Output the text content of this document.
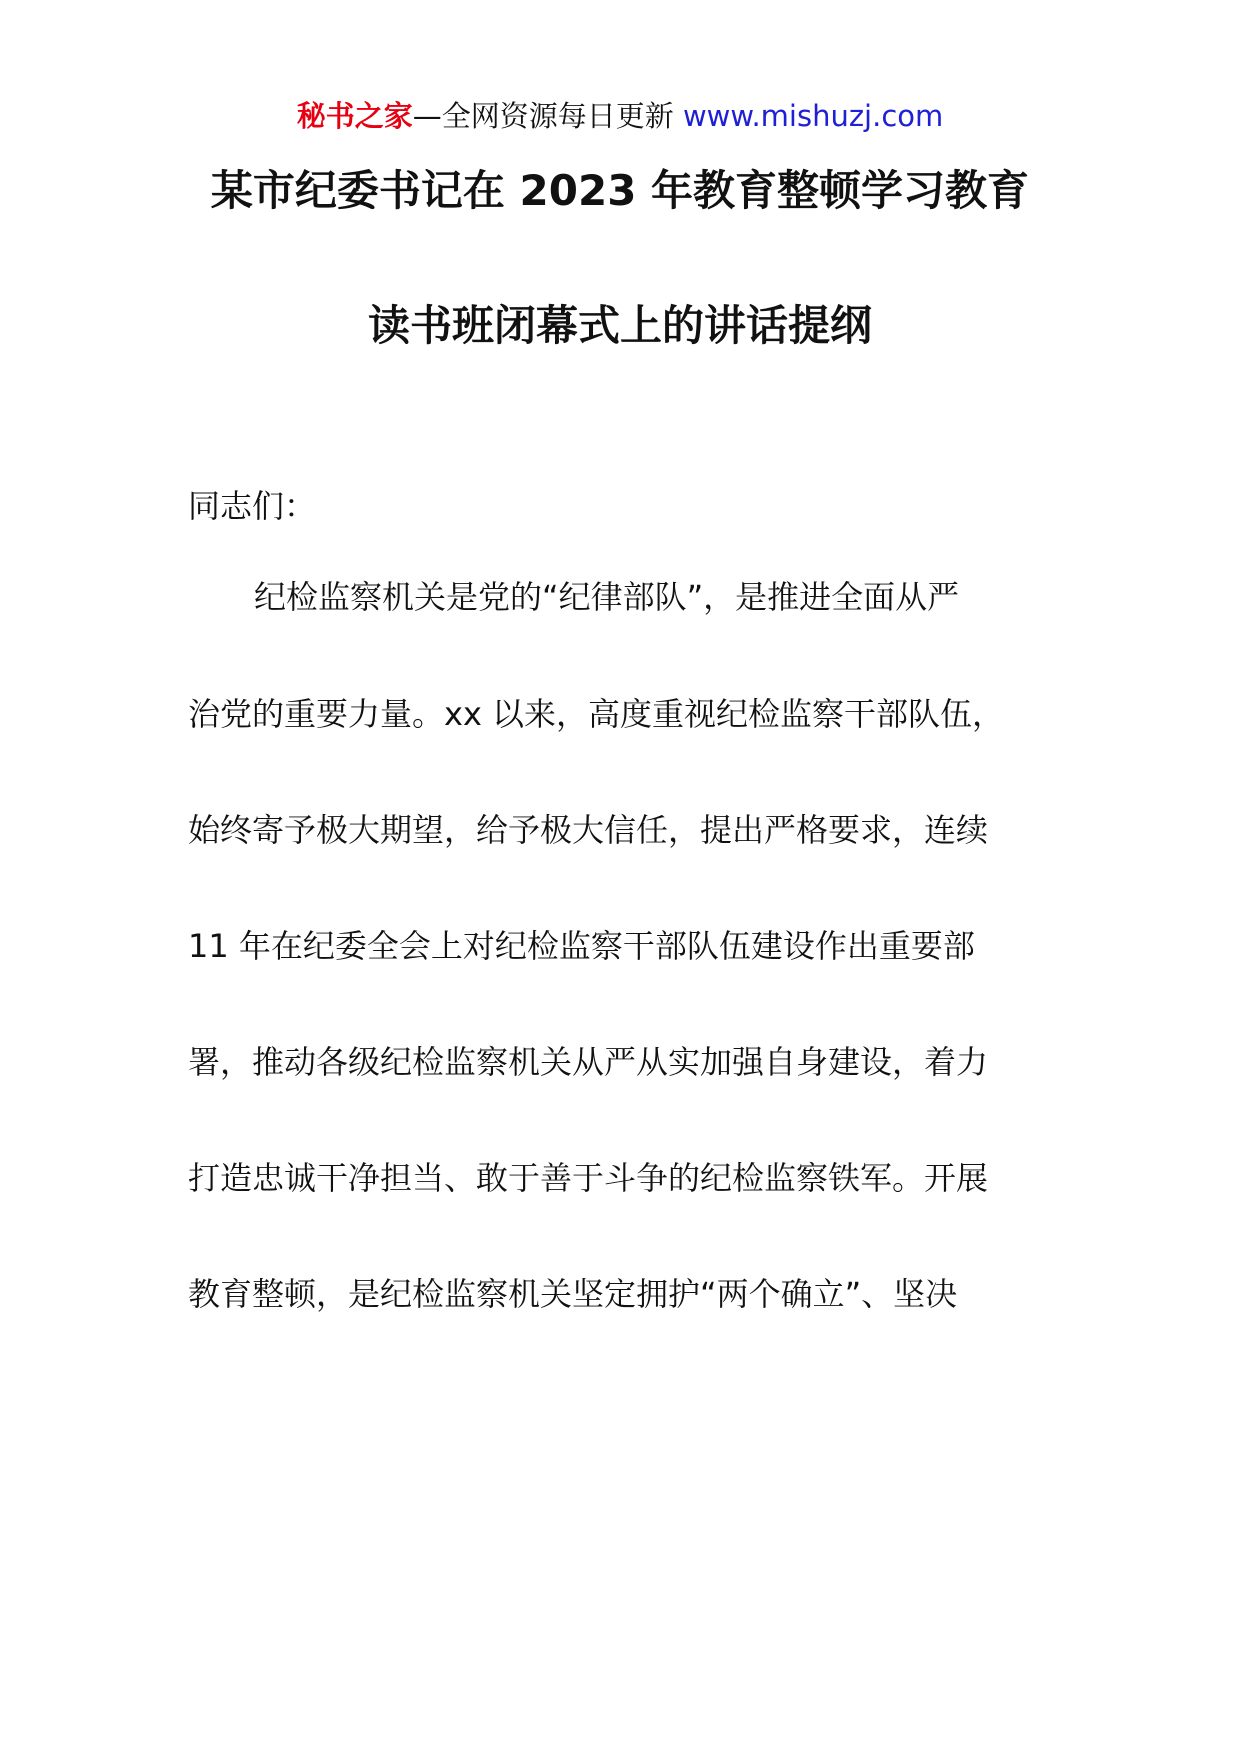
秘书之家—全网资源每日更新 www.mishuzj.com
某市纪委书记在 2023 年教育整顿学习教育
读书班闭幕式上的讲话提纲
同志们：
纪检监察机关是党的“纪律部队”，是推进全面从严
治党的重要力量。xx 以来，高度重视纪检监察干部队伍，
始终寄予极大期望，给予极大信任，提出严格要求，连续
11 年在纪委全会上对纪检监察干部队伍建设作出重要部
署，推动各级纪检监察机关从严从实加强自身建设，着力
打造忠诚干净担当、敢于善于斗争的纪检监察铁军。开展
教育整顿，是纪检监察机关坚定拥护“两个确立”、坚决
